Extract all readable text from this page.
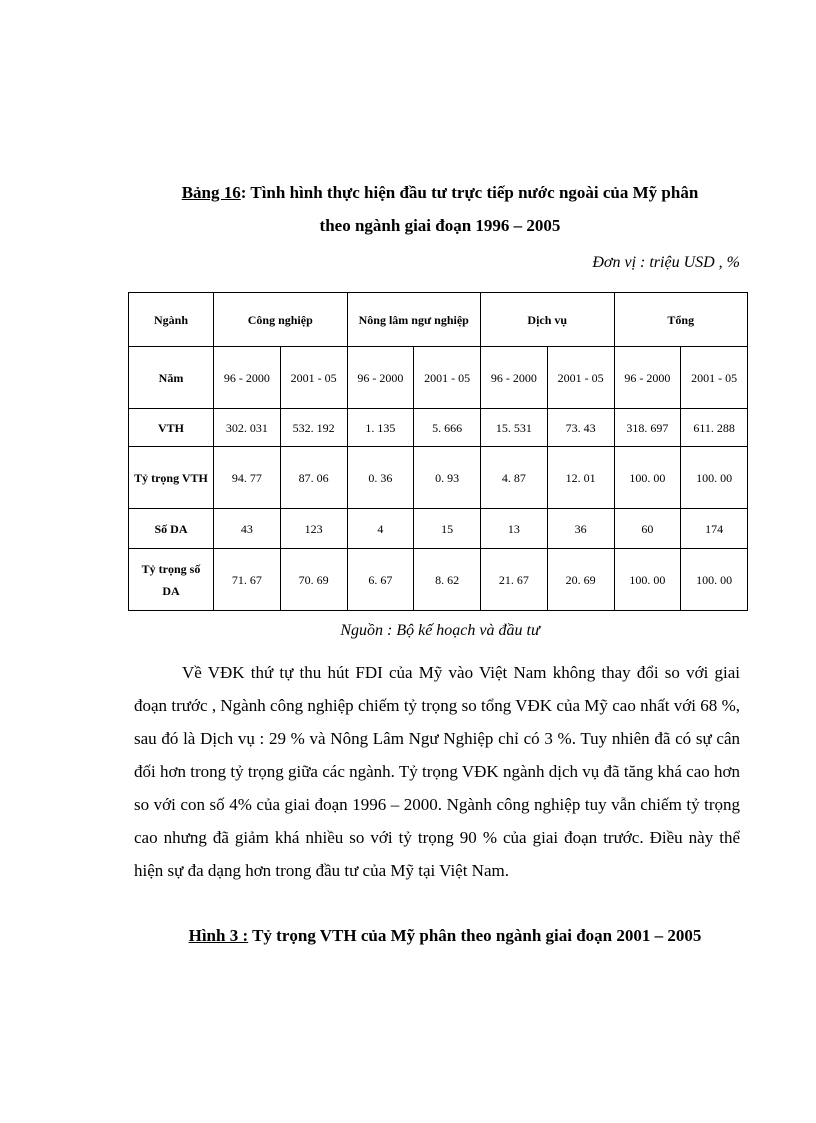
Bảng 16: Tình hình thực hiện đầu tư trực tiếp nước ngoài của Mỹ phân
theo ngành giai đoạn 1996 – 2005
Đơn vị : triệu USD , %
Ngành	Công nghiệp		Nông lâm ngư nghiệp		Dịch vụ		Tổng	
Năm	96 - 2000	2001 - 05	96 - 2000	2001 - 05	96 - 2000	2001 - 05	96 - 2000	2001 - 05
VTH	302. 031	532. 192	1. 135	5. 666	15. 531	73. 43	318. 697	611. 288
Tỷ trọng VTH	94. 77	87. 06	0. 36	0. 93	4. 87	12. 01	100. 00	100. 00
Số DA	43	123	4	15	13	36	60	174
Tỷ trọng số DA	71. 67	70. 69	6. 67	8. 62	21. 67	20. 69	100. 00	100. 00
Nguồn : Bộ kế hoạch và đầu tư

Về VĐK thứ tự thu hút FDI của Mỹ vào Việt Nam không thay đổi so với giai đoạn trước , Ngành công nghiệp chiếm tỷ trọng so tổng VĐK của Mỹ cao nhất với 68 %, sau đó là Dịch vụ : 29 % và Nông Lâm Ngư Nghiệp chỉ có 3 %. Tuy nhiên đã có sự cân đối hơn trong tỷ trọng giữa các ngành. Tỷ trọng VĐK ngành dịch vụ đã tăng khá cao hơn so với con số 4% của giai đoạn 1996 – 2000. Ngành công nghiệp tuy vẫn chiếm tỷ trọng cao nhưng đã giảm khá nhiều so với tỷ trọng 90 % của giai đoạn trước. Điều này thể hiện sự đa dạng hơn trong đầu tư của Mỹ tại Việt Nam.

Hình 3 : Tỷ trọng VTH của Mỹ phân theo ngành giai đoạn 2001 – 2005
